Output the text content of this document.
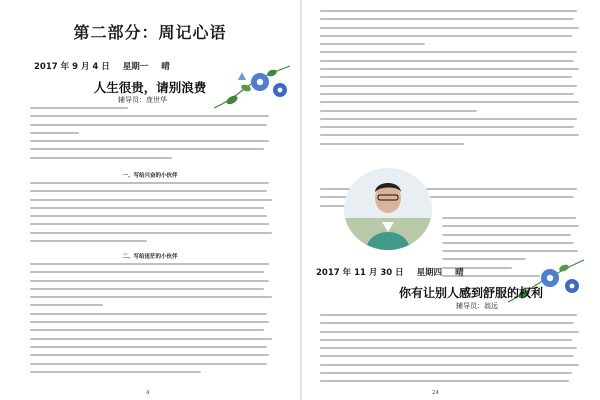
第二部分：周记心语
2017 年 9 月 4 日 星期一 晴
人生很贵，请别浪费
辅导员：庞世华
一、写给兴奋的小伙伴
二、写给迷茫的小伙伴
4
2017 年 11 月 30 日 星期四 晴
你有让别人感到舒服的权利
辅导员：翁远
24
